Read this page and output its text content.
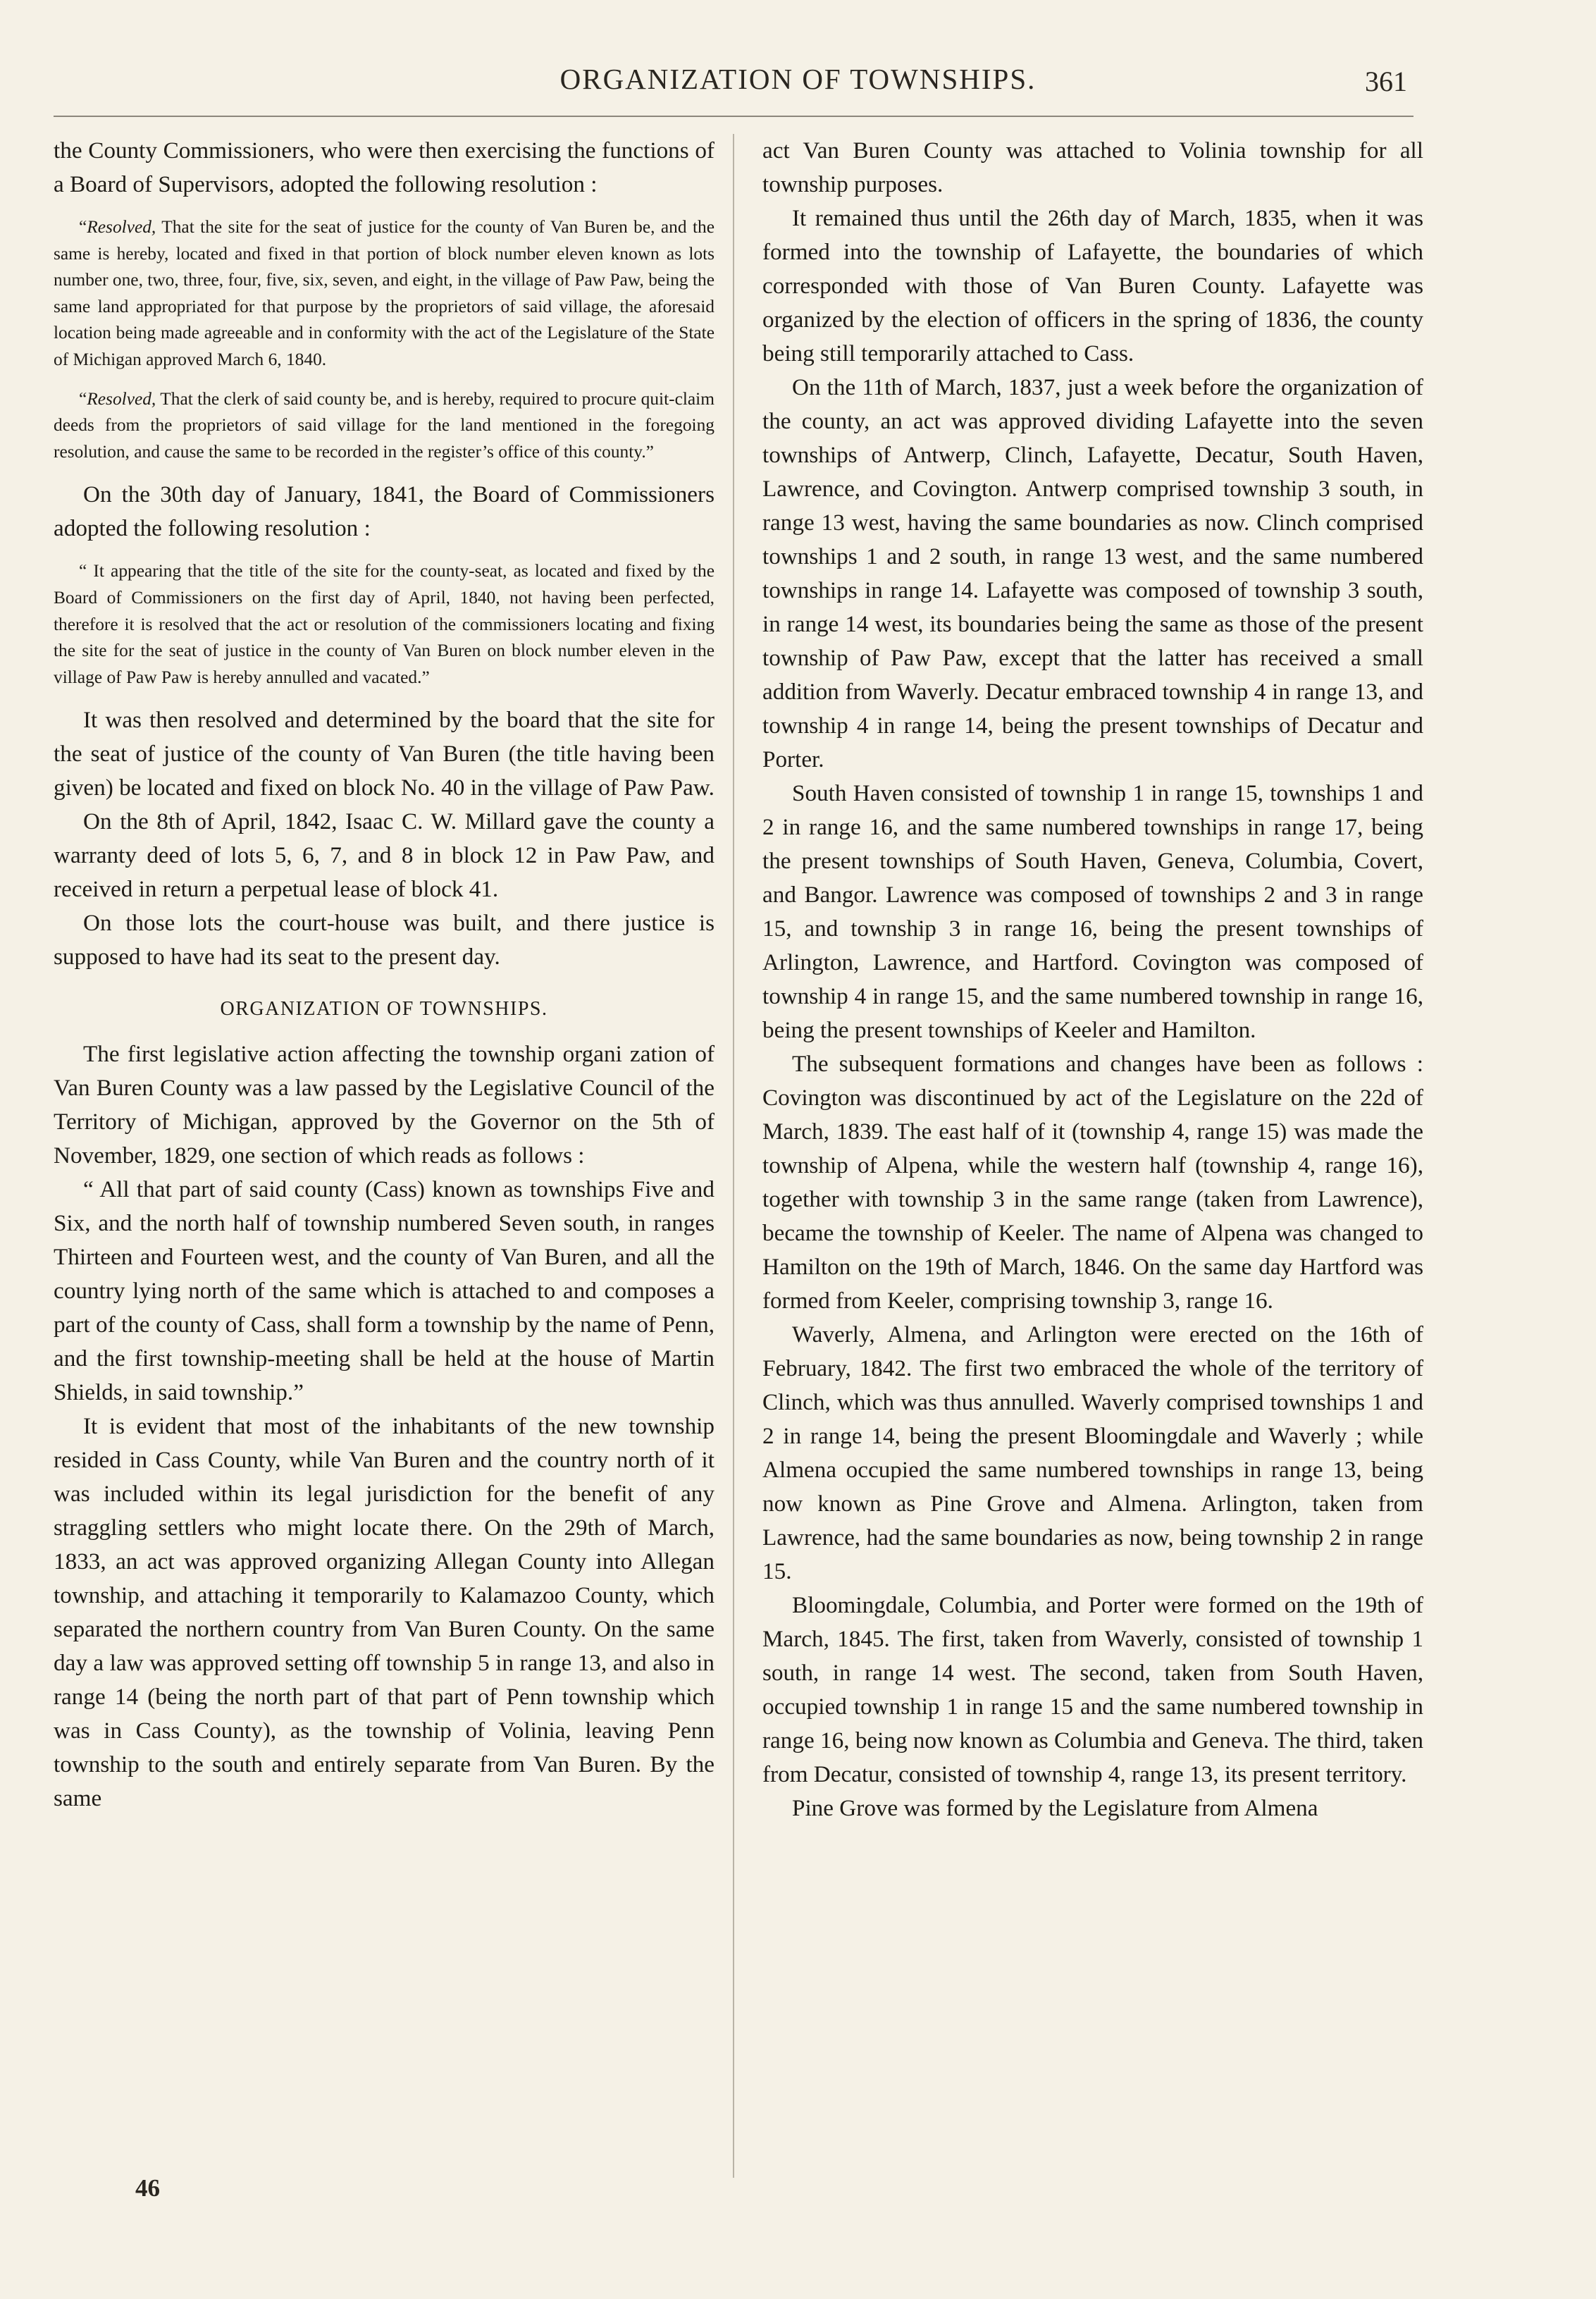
ORGANIZATION OF TOWNSHIPS.	361

the County Commissioners, who were then exercising the functions of a Board of Supervisors, adopted the following resolution :

“Resolved, That the site for the seat of justice for the county of Van Buren be, and the same is hereby, located and fixed in that portion of block number eleven known as lots number one, two, three, four, five, six, seven, and eight, in the village of Paw Paw, being the same land appropriated for that purpose by the proprietors of said village, the aforesaid location being made agreeable and in conformity with the act of the Legislature of the State of Michigan approved March 6, 1840.

“Resolved, That the clerk of said county be, and is hereby, required to procure quit-claim deeds from the proprietors of said village for the land mentioned in the foregoing resolution, and cause the same to be recorded in the register’s office of this county.”

On the 30th day of January, 1841, the Board of Commissioners adopted the following resolution :

“ It appearing that the title of the site for the county-seat, as located and fixed by the Board of Commissioners on the first day of April, 1840, not having been perfected, therefore it is resolved that the act or resolution of the commissioners locating and fixing the site for the seat of justice in the county of Van Buren on block number eleven in the village of Paw Paw is hereby annulled and vacated.”

It was then resolved and determined by the board that the site for the seat of justice of the county of Van Buren (the title having been given) be located and fixed on block No. 40 in the village of Paw Paw.

On the 8th of April, 1842, Isaac C. W. Millard gave the county a warranty deed of lots 5, 6, 7, and 8 in block 12 in Paw Paw, and received in return a perpetual lease of block 41.

On those lots the court-house was built, and there justice is supposed to have had its seat to the present day.

ORGANIZATION OF TOWNSHIPS.

The first legislative action affecting the township organi zation of Van Buren County was a law passed by the Legislative Council of the Territory of Michigan, approved by the Governor on the 5th of November, 1829, one section of which reads as follows :

“ All that part of said county (Cass) known as townships Five and Six, and the north half of township numbered Seven south, in ranges Thirteen and Fourteen west, and the county of Van Buren, and all the country lying north of the same which is attached to and composes a part of the county of Cass, shall form a township by the name of Penn, and the first township-meeting shall be held at the house of Martin Shields, in said township.”

It is evident that most of the inhabitants of the new township resided in Cass County, while Van Buren and the country north of it was included within its legal jurisdiction for the benefit of any straggling settlers who might locate there. On the 29th of March, 1833, an act was approved organizing Allegan County into Allegan township, and attaching it temporarily to Kalamazoo County, which separated the northern country from Van Buren County. On the same day a law was approved setting off township 5 in range 13, and also in range 14 (being the north part of that part of Penn township which was in Cass County), as the township of Volinia, leaving Penn township to the south and entirely separate from Van Buren. By the same

act Van Buren County was attached to Volinia township for all township purposes.

It remained thus until the 26th day of March, 1835, when it was formed into the township of Lafayette, the boundaries of which corresponded with those of Van Buren County. Lafayette was organized by the election of officers in the spring of 1836, the county being still temporarily attached to Cass.

On the 11th of March, 1837, just a week before the organization of the county, an act was approved dividing Lafayette into the seven townships of Antwerp, Clinch, Lafayette, Decatur, South Haven, Lawrence, and Covington. Antwerp comprised township 3 south, in range 13 west, having the same boundaries as now. Clinch comprised townships 1 and 2 south, in range 13 west, and the same numbered townships in range 14. Lafayette was composed of township 3 south, in range 14 west, its boundaries being the same as those of the present township of Paw Paw, except that the latter has received a small addition from Waverly. Decatur embraced township 4 in range 13, and township 4 in range 14, being the present townships of Decatur and Porter.

South Haven consisted of township 1 in range 15, townships 1 and 2 in range 16, and the same numbered townships in range 17, being the present townships of South Haven, Geneva, Columbia, Covert, and Bangor. Lawrence was composed of townships 2 and 3 in range 15, and township 3 in range 16, being the present townships of Arlington, Lawrence, and Hartford. Covington was composed of township 4 in range 15, and the same numbered township in range 16, being the present townships of Keeler and Hamilton.

The subsequent formations and changes have been as follows : Covington was discontinued by act of the Legislature on the 22d of March, 1839. The east half of it (township 4, range 15) was made the township of Alpena, while the western half (township 4, range 16), together with township 3 in the same range (taken from Lawrence), became the township of Keeler. The name of Alpena was changed to Hamilton on the 19th of March, 1846. On the same day Hartford was formed from Keeler, comprising township 3, range 16.

Waverly, Almena, and Arlington were erected on the 16th of February, 1842. The first two embraced the whole of the territory of Clinch, which was thus annulled. Waverly comprised townships 1 and 2 in range 14, being the present Bloomingdale and Waverly ; while Almena occupied the same numbered townships in range 13, being now known as Pine Grove and Almena. Arlington, taken from Lawrence, had the same boundaries as now, being township 2 in range 15.

Bloomingdale, Columbia, and Porter were formed on the 19th of March, 1845. The first, taken from Waverly, consisted of township 1 south, in range 14 west. The second, taken from South Haven, occupied township 1 in range 15 and the same numbered township in range 16, being now known as Columbia and Geneva. The third, taken from Decatur, consisted of township 4, range 13, its present territory.

Pine Grove was formed by the Legislature from Almena

46
